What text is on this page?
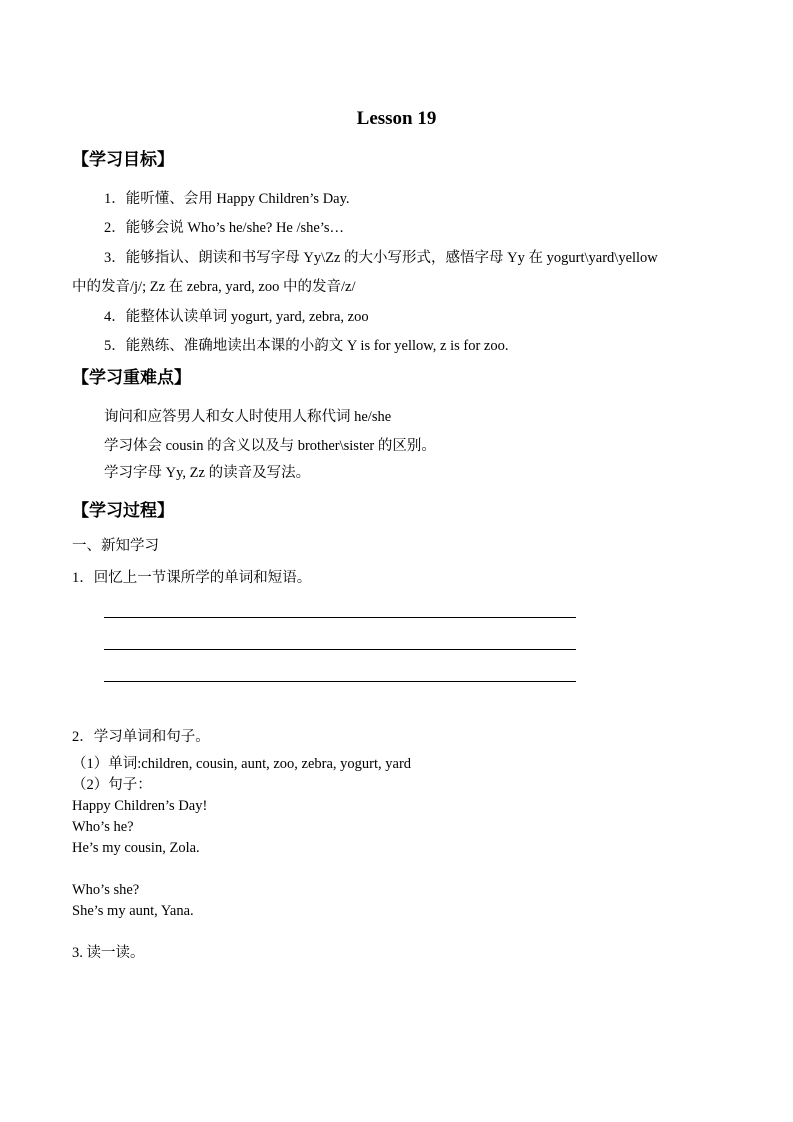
Lesson 19
【学习目标】
1．能听懂、会用 Happy Children’s Day.
2．能够会说 Who’s he/she? He /she’s…
3．能够指认、朗读和书写字母 Yy\Zz 的大小写形式，感悟字母 Yy 在 yogurt\yard\yellow
中的发音/j/; Zz 在 zebra, yard, zoo 中的发音/z/
4．能整体认读单词 yogurt, yard, zebra, zoo
5．能熟练、准确地读出本课的小韵文 Y is for yellow, z is for zoo.
【学习重难点】
询问和应答男人和女人时使用人称代词 he/she
学习体会 cousin 的含义以及与 brother\sister 的区别。
学习字母 Yy, Zz 的读音及写法。
【学习过程】
一、新知学习
1．回忆上一节课所学的单词和短语。
2．学习单词和句子。
（1）单词:children, cousin, aunt, zoo, zebra, yogurt, yard
（2）句子：
Happy Children’s Day!
Who’s he?
He’s my cousin, Zola.
Who’s she?
She’s my aunt, Yana.
3. 读一读。
